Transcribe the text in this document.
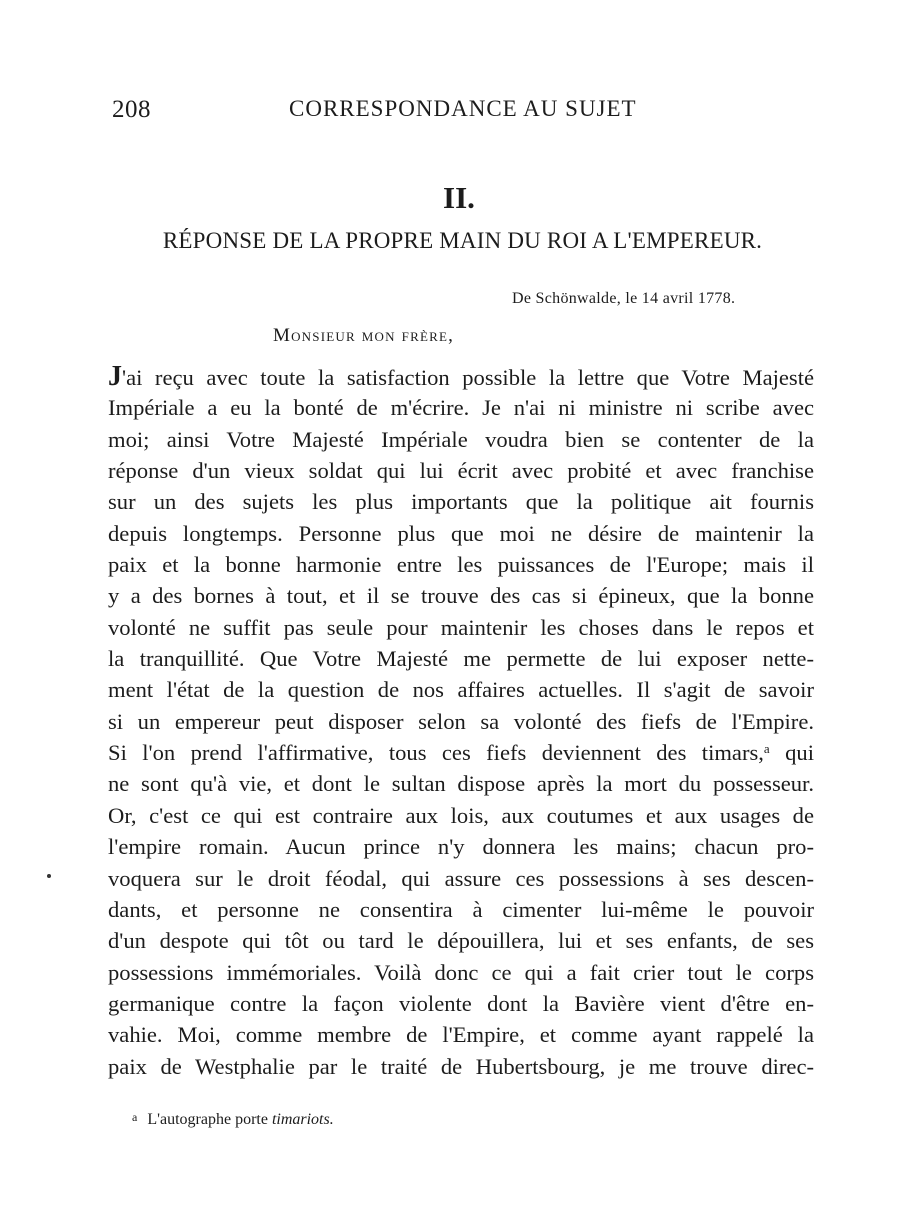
208	CORRESPONDANCE AU SUJET
II.
RÉPONSE DE LA PROPRE MAIN DU ROI A L'EMPEREUR.
De Schönwalde, le 14 avril 1778.
Monsieur mon frère,
J'ai reçu avec toute la satisfaction possible la lettre que Votre Majesté
Impériale a eu la bonté de m'écrire. Je n'ai ni ministre ni scribe avec
moi; ainsi Votre Majesté Impériale voudra bien se contenter de la
réponse d'un vieux soldat qui lui écrit avec probité et avec franchise
sur un des sujets les plus importants que la politique ait fournis
depuis longtemps. Personne plus que moi ne désire de maintenir la
paix et la bonne harmonie entre les puissances de l'Europe; mais il
y a des bornes à tout, et il se trouve des cas si épineux, que la bonne
volonté ne suffit pas seule pour maintenir les choses dans le repos et
la tranquillité. Que Votre Majesté me permette de lui exposer nette-
ment l'état de la question de nos affaires actuelles. Il s'agit de savoir
si un empereur peut disposer selon sa volonté des fiefs de l'Empire.
Si l'on prend l'affirmative, tous ces fiefs deviennent des timars,$^a$ qui
ne sont qu'à vie, et dont le sultan dispose après la mort du possesseur.
Or, c'est ce qui est contraire aux lois, aux coutumes et aux usages de
l'empire romain. Aucun prince n'y donnera les mains; chacun pro-
voquera sur le droit féodal, qui assure ces possessions à ses descen-
dants, et personne ne consentira à cimenter lui-même le pouvoir
d'un despote qui tôt ou tard le dépouillera, lui et ses enfants, de ses
possessions immémoriales. Voilà donc ce qui a fait crier tout le corps
germanique contre la façon violente dont la Bavière vient d'être en-
vahie. Moi, comme membre de l'Empire, et comme ayant rappelé la
paix de Westphalie par le traité de Hubertsbourg, je me trouve direc-
a L'autographe porte timariots.
